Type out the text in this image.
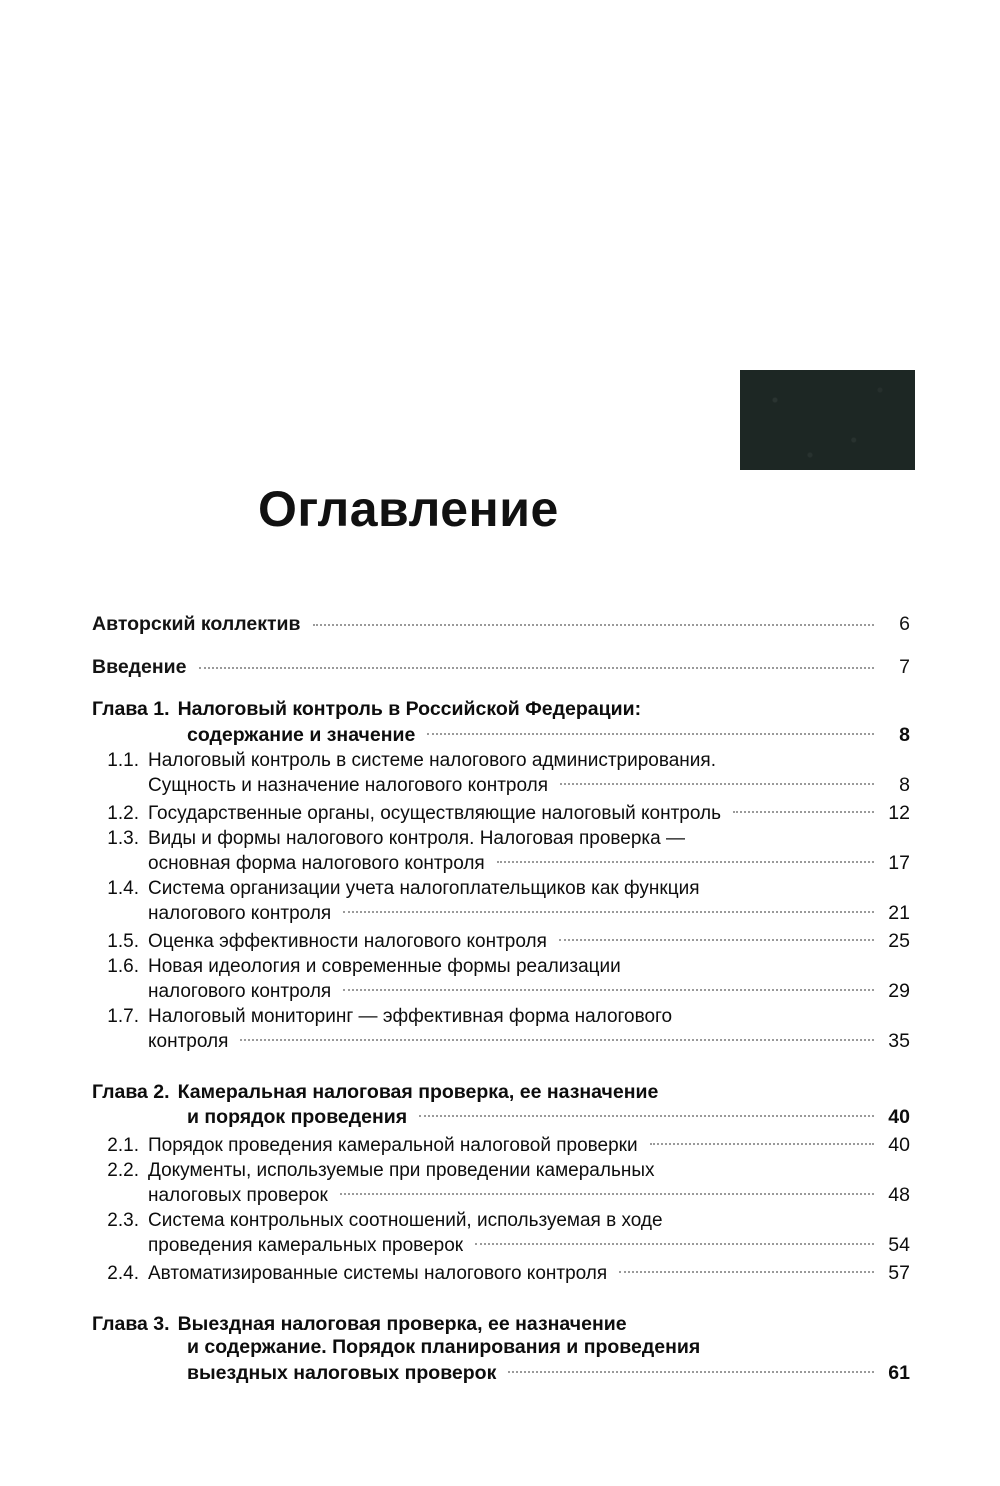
Оглавление
Авторский коллектив	6
Введение	7
Глава 1. Налоговый контроль в Российской Федерации:
содержание и значение	8
1.1. Налоговый контроль в системе налогового администрирования.
Сущность и назначение налогового контроля	8
1.2. Государственные органы, осуществляющие налоговый контроль	12
1.3. Виды и формы налогового контроля. Налоговая проверка —
основная форма налогового контроля	17
1.4. Система организации учета налогоплательщиков как функция
налогового контроля	21
1.5. Оценка эффективности налогового контроля	25
1.6. Новая идеология и современные формы реализации
налогового контроля	29
1.7. Налоговый мониторинг — эффективная форма налогового
контроля	35
Глава 2. Камеральная налоговая проверка, ее назначение
и порядок проведения	40
2.1. Порядок проведения камеральной налоговой проверки	40
2.2. Документы, используемые при проведении камеральных
налоговых проверок	48
2.3. Система контрольных соотношений, используемая в ходе
проведения камеральных проверок	54
2.4. Автоматизированные системы налогового контроля	57
Глава 3. Выездная налоговая проверка, ее назначение
и содержание. Порядок планирования и проведения
выездных налоговых проверок	61
